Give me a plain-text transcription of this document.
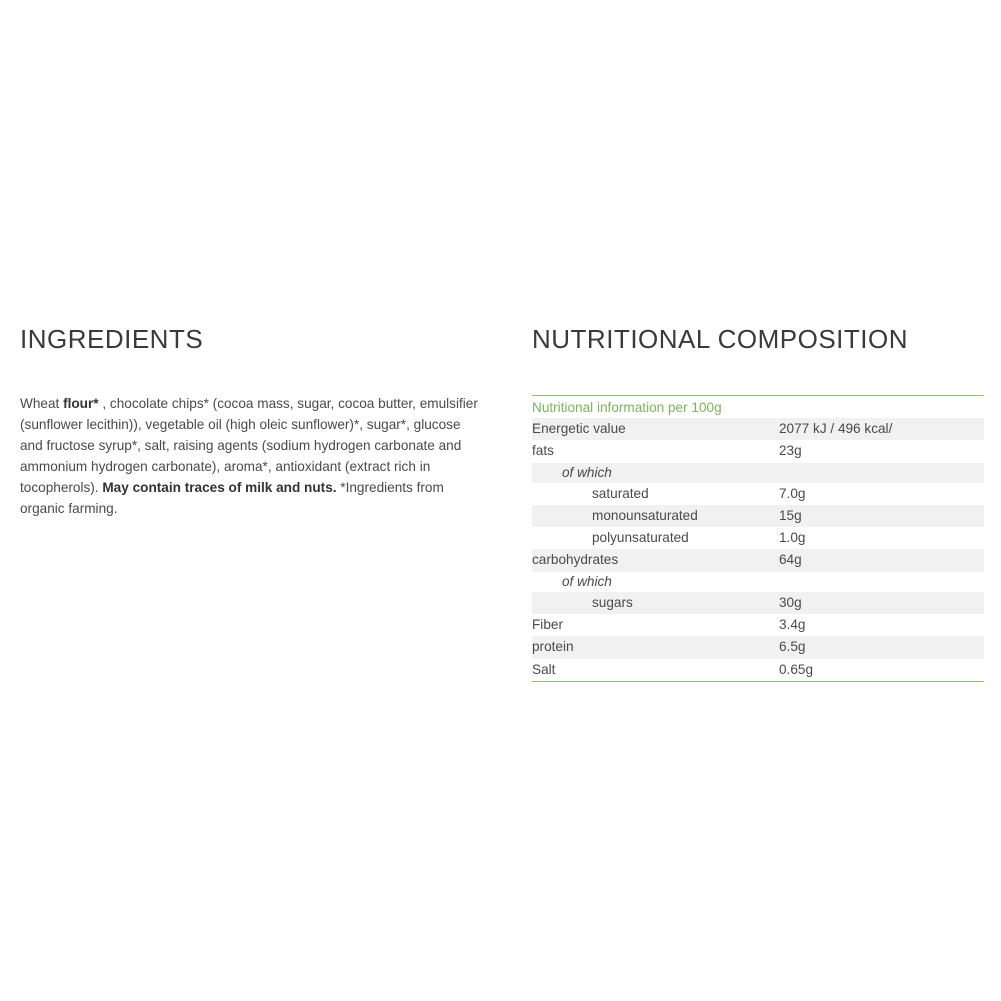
INGREDIENTS
Wheat flour* , chocolate chips* (cocoa mass, sugar, cocoa butter, emulsifier (sunflower lecithin)), vegetable oil (high oleic sunflower)*, sugar*, glucose and fructose syrup*, salt, raising agents (sodium hydrogen carbonate and ammonium hydrogen carbonate), aroma*, antioxidant (extract rich in tocopherols). May contain traces of milk and nuts. *Ingredients from organic farming.
NUTRITIONAL COMPOSITION
Nutritional information per 100g
Energetic value	2077 kJ / 496 kcal/
fats	23g
of which
saturated	7.0g
monounsaturated	15g
polyunsaturated	1.0g
carbohydrates	64g
of which
sugars	30g
Fiber	3.4g
protein	6.5g
Salt	0.65g
